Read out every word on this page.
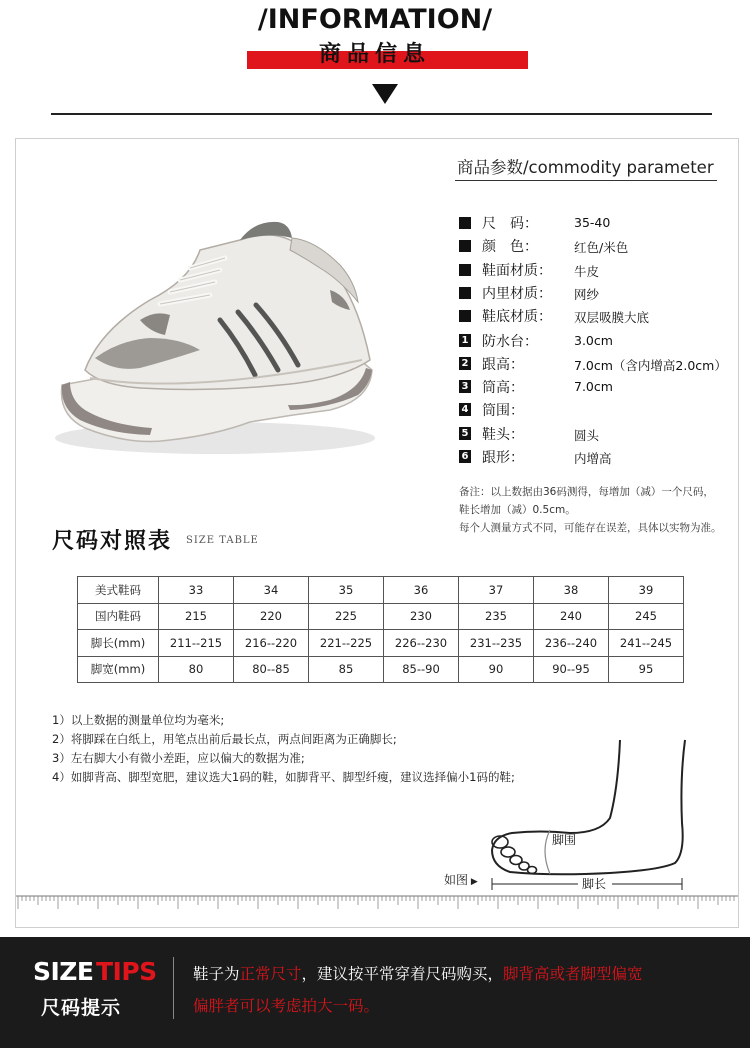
/INFORMATION/
商品信息
商品参数/commodity parameter
尺　码：	35-40
颜　色：	红色/米色
鞋面材质： 牛皮
内里材质： 网纱
鞋底材质： 双层吸膜大底
1 防水台：	3.0cm
2 跟高：	7.0cm（含内增高2.0cm）
3 筒高：	7.0cm
4 筒围：
5 鞋头：	圆头
6 跟形：	内增高
备注：以上数据由36码测得，每增加（减）一个尺码，
鞋长增加（减）0.5cm。
每个人测量方式不同，可能存在误差，具体以实物为准。
尺码对照表 SIZE TABLE
美式鞋码	33	34	35	36	37	38	39
国内鞋码	215	220	225	230	235	240	245
脚长(mm)	211--215	216--220	221--225	226--230	231--235	236--240	241--245
脚宽(mm)	80	80--85	85	85--90	90	90--95	95
1）以上数据的测量单位均为毫米;
2）将脚踩在白纸上，用笔点出前后最长点，两点间距离为正确脚长;
3）左右脚大小有微小差距，应以偏大的数据为准;
4）如脚背高、脚型宽肥，建议选大1码的鞋，如脚背平、脚型纤瘦，建议选择偏小1码的鞋;
脚围
脚长
如图 ▶
SIZE TIPS
尺码提示
鞋子为正常尺寸，建议按平常穿着尺码购买，脚背高或者脚型偏宽
偏胖者可以考虑拍大一码。
